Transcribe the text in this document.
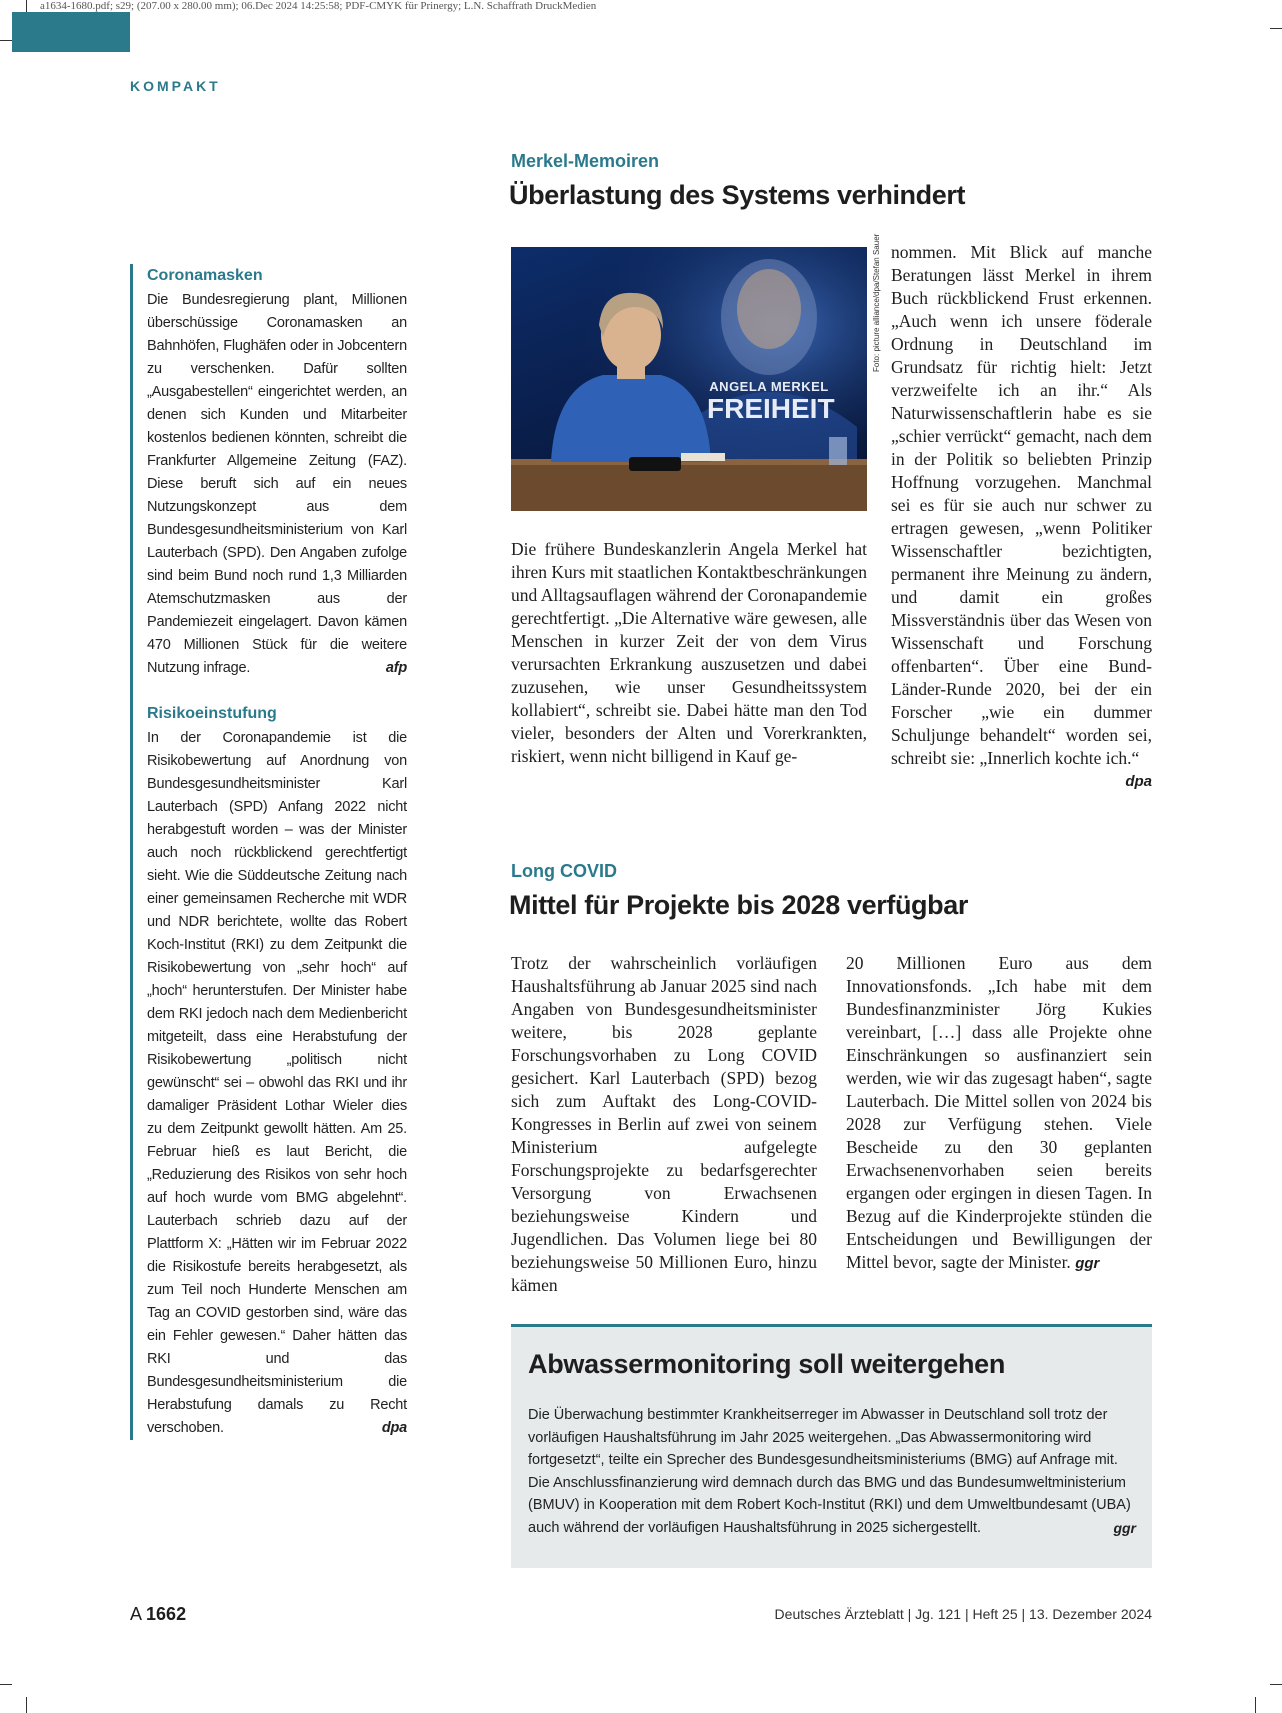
a1634-1680.pdf; s29; (207.00 x 280.00 mm); 06.Dec 2024 14:25:58; PDF-CMYK für Prinergy; L.N. Schaffrath DruckMedien
KOMPAKT
Coronamasken

Die Bundesregierung plant, Millionen überschüssige Coronamasken an Bahnhöfen, Flughäfen oder in Jobcentern zu verschenken. Dafür sollten „Ausgabestellen“ eingerichtet werden, an denen sich Kunden und Mitarbeiter kostenlos bedienen könnten, schreibt die Frankfurter Allgemeine Zeitung (FAZ). Diese beruft sich auf ein neues Nutzungskonzept aus dem Bundesgesundheitsministerium von Karl Lauterbach (SPD). Den Angaben zufolge sind beim Bund noch rund 1,3 Milliarden Atemschutzmasken aus der Pandemiezeit eingelagert. Davon kämen 470 Millionen Stück für die weitere Nutzung infrage.	afp

Risikoeinstufung

In der Coronapandemie ist die Risikobewertung auf Anordnung von Bundesgesundheitsminister Karl Lauterbach (SPD) Anfang 2022 nicht herabgestuft worden – was der Minister auch noch rückblickend gerechtfertigt sieht. Wie die Süddeutsche Zeitung nach einer gemeinsamen Recherche mit WDR und NDR berichtete, wollte das Robert Koch-Institut (RKI) zu dem Zeitpunkt die Risikobewertung von „sehr hoch“ auf „hoch“ herunterstufen. Der Minister habe dem RKI jedoch nach dem Medienbericht mitgeteilt, dass eine Herabstufung der Risikobewertung „politisch nicht gewünscht“ sei – obwohl das RKI und ihr damaliger Präsident Lothar Wieler dies zu dem Zeitpunkt gewollt hätten. Am 25. Februar hieß es laut Bericht, die „Reduzierung des Risikos von sehr hoch auf hoch wurde vom BMG abgelehnt“. Lauterbach schrieb dazu auf der Plattform X: „Hätten wir im Februar 2022 die Risikostufe bereits herabgesetzt, als zum Teil noch Hunderte Menschen am Tag an COVID gestorben sind, wäre das ein Fehler gewesen.“ Daher hätten das RKI und das Bundesgesundheitsministerium die Herabstufung damals zu Recht verschoben.	dpa

Merkel-Memoiren
Überlastung des Systems verhindert
ANGELA MERKEL
FREIHEIT
Foto: picture alliance/dpa/Stefan Sauer

Die frühere Bundeskanzlerin Angela Merkel hat ihren Kurs mit staatlichen Kontaktbeschränkungen und Alltagsauflagen während der Coronapandemie gerechtfertigt. „Die Alternative wäre gewesen, alle Menschen in kurzer Zeit der von dem Virus verursachten Erkrankung auszusetzen und dabei zuzusehen, wie unser Gesundheitssystem kollabiert“, schreibt sie. Dabei hätte man den Tod vieler, besonders der Alten und Vorerkrankten, riskiert, wenn nicht billigend in Kauf ge-

nommen. Mit Blick auf manche Beratungen lässt Merkel in ihrem Buch rückblickend Frust erkennen. „Auch wenn ich unsere föderale Ordnung in Deutschland im Grundsatz für richtig hielt: Jetzt verzweifelte ich an ihr.“ Als Naturwissenschaftlerin habe es sie „schier verrückt“ gemacht, nach dem in der Politik so beliebten Prinzip Hoffnung vorzugehen. Manchmal sei es für sie auch nur schwer zu ertragen gewesen, „wenn Politiker Wissenschaftler bezichtigten, permanent ihre Meinung zu ändern, und damit ein großes Missverständnis über das Wesen von Wissenschaft und Forschung offenbarten“. Über eine Bund-Länder-Runde 2020, bei der ein Forscher „wie ein dummer Schuljunge behandelt“ worden sei, schreibt sie: „Innerlich kochte ich.“
dpa

Long COVID
Mittel für Projekte bis 2028 verfügbar

Trotz der wahrscheinlich vorläufigen Haushaltsführung ab Januar 2025 sind nach Angaben von Bundesgesundheitsminister weitere, bis 2028 geplante Forschungsvorhaben zu Long COVID gesichert. Karl Lauterbach (SPD) bezog sich zum Auftakt des Long-COVID-Kongresses in Berlin auf zwei von seinem Ministerium aufgelegte Forschungsprojekte zu bedarfsgerechter Versorgung von Erwachsenen beziehungsweise Kindern und Jugendlichen. Das Volumen liege bei 80 beziehungsweise 50 Millionen Euro, hinzu kämen

20 Millionen Euro aus dem Innovationsfonds. „Ich habe mit dem Bundesfinanzminister Jörg Kukies vereinbart, […] dass alle Projekte ohne Einschränkungen so ausfinanziert sein werden, wie wir das zugesagt haben“, sagte Lauterbach. Die Mittel sollen von 2024 bis 2028 zur Verfügung stehen. Viele Bescheide zu den 30 geplanten Erwachsenenvorhaben seien bereits ergangen oder ergingen in diesen Tagen. In Bezug auf die Kinderprojekte stünden die Entscheidungen und Bewilligungen der Mittel bevor, sagte der Minister. ggr

Abwassermonitoring soll weitergehen

Die Überwachung bestimmter Krankheitserreger im Abwasser in Deutschland soll trotz der vorläufigen Haushaltsführung im Jahr 2025 weitergehen. „Das Abwassermonitoring wird fortgesetzt“, teilte ein Sprecher des Bundesgesundheitsministeriums (BMG) auf Anfrage mit. Die Anschlussfinanzierung wird demnach durch das BMG und das Bundesumweltministerium (BMUV) in Kooperation mit dem Robert Koch-Institut (RKI) und dem Umweltbundesamt (UBA) auch während der vorläufigen Haushaltsführung in 2025 sichergestellt.	ggr

A 1662	Deutsches Ärzteblatt | Jg. 121 | Heft 25 | 13. Dezember 2024
